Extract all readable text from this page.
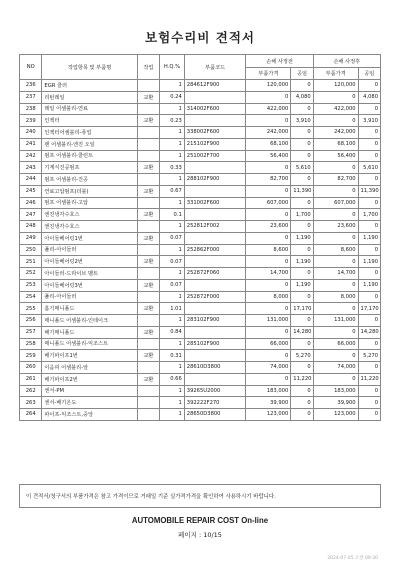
보험수리비 견적서
NO	작업항목 및 부품명	작업	H.Q.%	부품코드	손해 사정전		손해 사정후	
					부품가격	공임	부품가격	공임
236	EGR 쿨러		1	284612F900	120,000	0	120,000	0
237	리턴레일	교환	0.24		0	4,080	0	4,080
238	레일 어셈블리-연료		1	314002F600	422,000	0	422,000	0
239	인젝터	교환	0.23		0	3,910	0	3,910
240	인젝터어셈블리-퓨얼		1	338002F600	242,000	0	242,000	0
241	팬 어셈블리-엔진 오일		1	215102F900	68,100	0	68,100	0
242	펌프 어셈블리-쿨런트		1	251002F700	56,400	0	56,400	0
243	기계식진공펌프	교환	0.33		0	5,610	0	5,610
244	펌프 어셈블리-진공		1	288102F900	82,700	0	82,700	0
245	연료고압펌프(더블)	교환	0.67		0	11,390	0	11,390
246	펌프 어셈블리-고압		1	331002F600	607,000	0	607,000	0
247	엔진냉각수호스	교환	0.1		0	1,700	0	1,700
248	엔진냉각수호스		1	252812F002	23,600	0	23,600	0
249	아이들베어링1번	교환	0.07		0	1,190	0	1,190
250	풀리-아이들러		1	252862F000	8,600	0	8,600	0
251	아이들베어링2번	교환	0.07		0	1,190	0	1,190
252	아이들러-드라이브 벨트		1	252872F060	14,700	0	14,700	0
253	아이들베어링3번	교환	0.07		0	1,190	0	1,190
254	풀리-아이들러		1	252872F000	8,000	0	8,000	0
255	흡기매니폴드	교환	1.01		0	17,170	0	17,170
256	매니폴드 어셈블리-인테이크		1	283102F900	131,000	0	131,000	0
257	배기매니폴드	교환	0.84		0	14,280	0	14,280
258	매니폴드 어셈블리-익조스트		1	285102F900	66,000	0	66,000	0
259	배기파이프1번	교환	0.31		0	5,270	0	5,270
260	이음피 어셈블리-앞		1	28610D3800	74,000	0	74,000	0
261	배기파이프2번	교환	0.66		0	11,220	0	11,220
262	센서-PM		1	39265U2000	183,000	0	183,000	0
263	센서-배기온도		1	392222F270	39,900	0	39,900	0
264	파이프-익조스트,중앙		1	28650D3800	123,000	0	123,000	0
이 견적서/청구서의 부품가격은 참고 가격이므로 거래일 기준 실가격가격을 확인하여 사용하시기 바랍니다.
AUTOMOBILE REPAIR COST On-line
페이지 : 10/15
2024-07-05 오전 09:30
